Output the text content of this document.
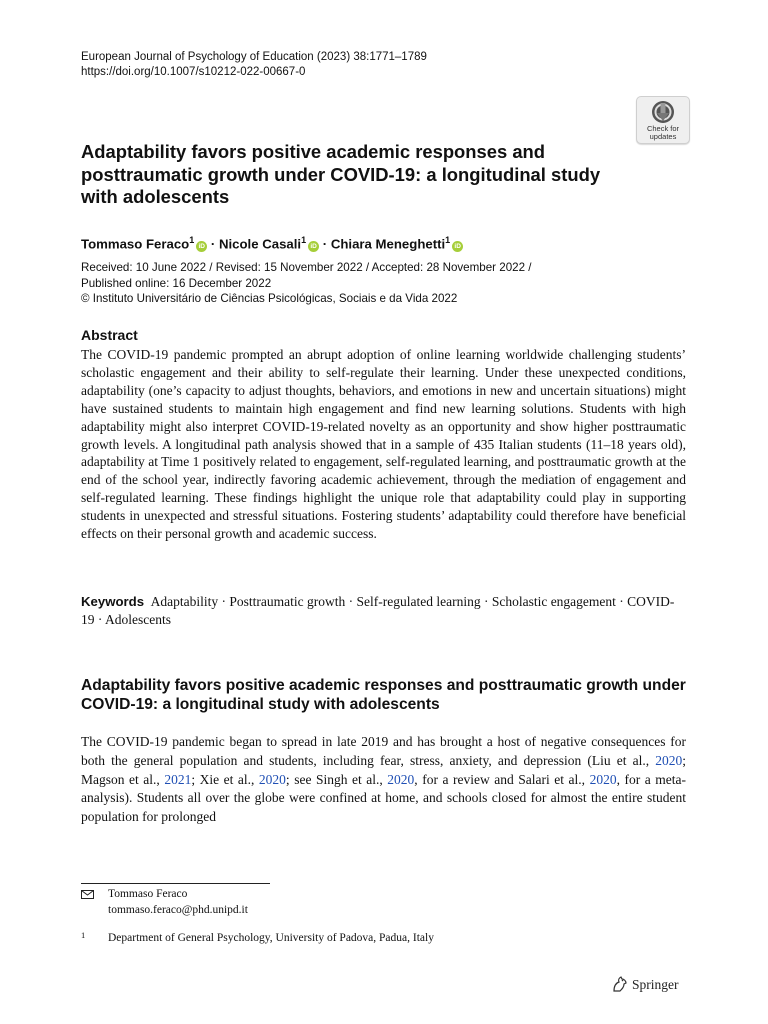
European Journal of Psychology of Education (2023) 38:1771–1789
https://doi.org/10.1007/s10212-022-00667-0
Check for
updates
Adaptability favors positive academic responses and posttraumatic growth under COVID-19: a longitudinal study with adolescents
Tommaso Feraco$^1$iD · Nicole Casali$^1$iD · Chiara Meneghetti$^1$iD
Received: 10 June 2022 / Revised: 15 November 2022 / Accepted: 28 November 2022 /
Published online: 16 December 2022
© Instituto Universitário de Ciências Psicológicas, Sociais e da Vida 2022
Abstract

The COVID-19 pandemic prompted an abrupt adoption of online learning worldwide challenging students’ scholastic engagement and their ability to self-regulate their learning. Under these unexpected conditions, adaptability (one’s capacity to adjust thoughts, behaviors, and emotions in new and uncertain situations) might have sustained students to maintain high engagement and find new learning solutions. Students with high adaptability might also interpret COVID-19-related novelty as an opportunity and show higher posttraumatic growth levels. A longitudinal path analysis showed that in a sample of 435 Italian students (11–18 years old), adaptability at Time 1 positively related to engagement, self-regulated learning, and posttraumatic growth at the end of the school year, indirectly favoring academic achievement, through the mediation of engagement and self-regulated learning. These findings highlight the unique role that adaptability could play in supporting students in unexpected and stressful situations. Fostering students’ adaptability could therefore have beneficial effects on their personal growth and academic success.

Keywords Adaptability · Posttraumatic growth · Self-regulated learning · Scholastic engagement · COVID-19 · Adolescents

Adaptability favors positive academic responses and posttraumatic growth under COVID-19: a longitudinal study with adolescents

The COVID-19 pandemic began to spread in late 2019 and has brought a host of negative consequences for both the general population and students, including fear, stress, anxiety, and depression (Liu et al., 2020; Magson et al., 2021; Xie et al., 2020; see Singh et al., 2020, for a review and Salari et al., 2020, for a meta-analysis). Students all over the globe were confined at home, and schools closed for almost the entire student population for prolonged

Tommaso Feraco
tommaso.feraco@phd.unipd.it
1 Department of General Psychology, University of Padova, Padua, Italy
Springer
